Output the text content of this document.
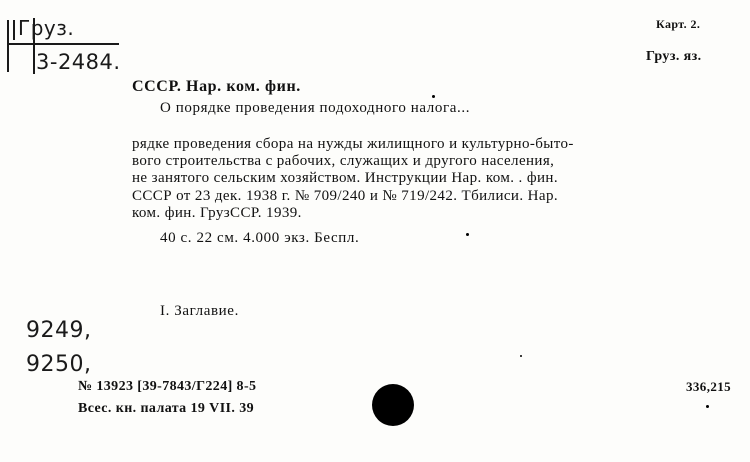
Груз.
3-2484.
Карт. 2.
Груз. яз.
СССР. Нар. ком. фин.
О порядке проведения подоходного налога...
рядке проведения сбора на нужды жилищного и культурно-быто-
вого строительства с рабочих, служащих и другого населения,
не занятого сельским хозяйством. Инструкции Нар. ком. . фин.
СССР от 23 дек. 1938 г. № 709/240 и № 719/242. Тбилиси. Нар.
ком. фин. ГрузССР. 1939.
40 с. 22 см. 4.000 экз. Беспл.
I. Заглавие.
9249,
9250,
№ 13923 [39-7843/Г224] 8-5
Всес. кн. палата 19 VII. 39
336,215
